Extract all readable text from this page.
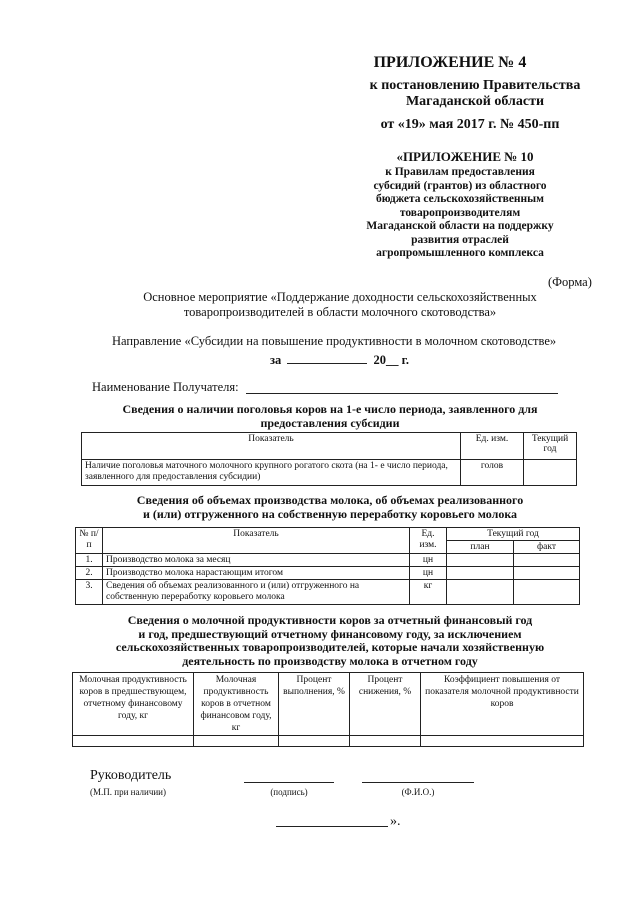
ПРИЛОЖЕНИЕ № 4
к постановлению Правительства
Магаданской области
от «19» мая 2017 г. № 450-пп
«ПРИЛОЖЕНИЕ № 10
к Правилам предоставления
субсидий (грантов) из областного
бюджета сельскохозяйственным
товаропроизводителям
Магаданской области на поддержку
развития отраслей
агропромышленного комплекса
(Форма)
Основное мероприятие «Поддержание доходности сельскохозяйственных
товаропроизводителей в области молочного скотоводства»
Направление «Субсидии на повышение продуктивности в молочном скотоводстве»
за	20__ г.
Наименование Получателя:
Сведения о наличии поголовья коров на 1-е число периода, заявленного для предоставления субсидии
Показатель	Ед. изм.	Текущий год
Наличие поголовья маточного молочного крупного рогатого скота (на 1- е число периода, заявленного для предоставления субсидии)	голов	
Сведения об объемах производства молока, об объемах реализованного
и (или) отгруженного на собственную переработку коровьего молока
№ п/п	Показатель	Ед. изм.	Текущий год	
			план	факт
1.	Производство молока за месяц	цн		
2.	Производство молока нарастающим итогом	цн		
3.	Сведения об объемах реализованного и (или) отгруженного на собственную переработку коровьего молока	кг		
Сведения о молочной продуктивности коров за отчетный финансовый год
и год, предшествующий отчетному финансовому году, за исключением
сельскохозяйственных товаропроизводителей, которые начали хозяйственную
деятельность по производству молока в отчетном году
Молочная продуктивность коров в предшествующем, отчетному финансовому году, кг	Молочная продуктивность коров в отчетном финансовом году, кг	Процент выполнения, %	Процент снижения, %	Коэффициент повышения от показателя молочной продуктивности коров

Руководитель
(М.П. при наличии)	(подпись)	(Ф.И.О.)
».
